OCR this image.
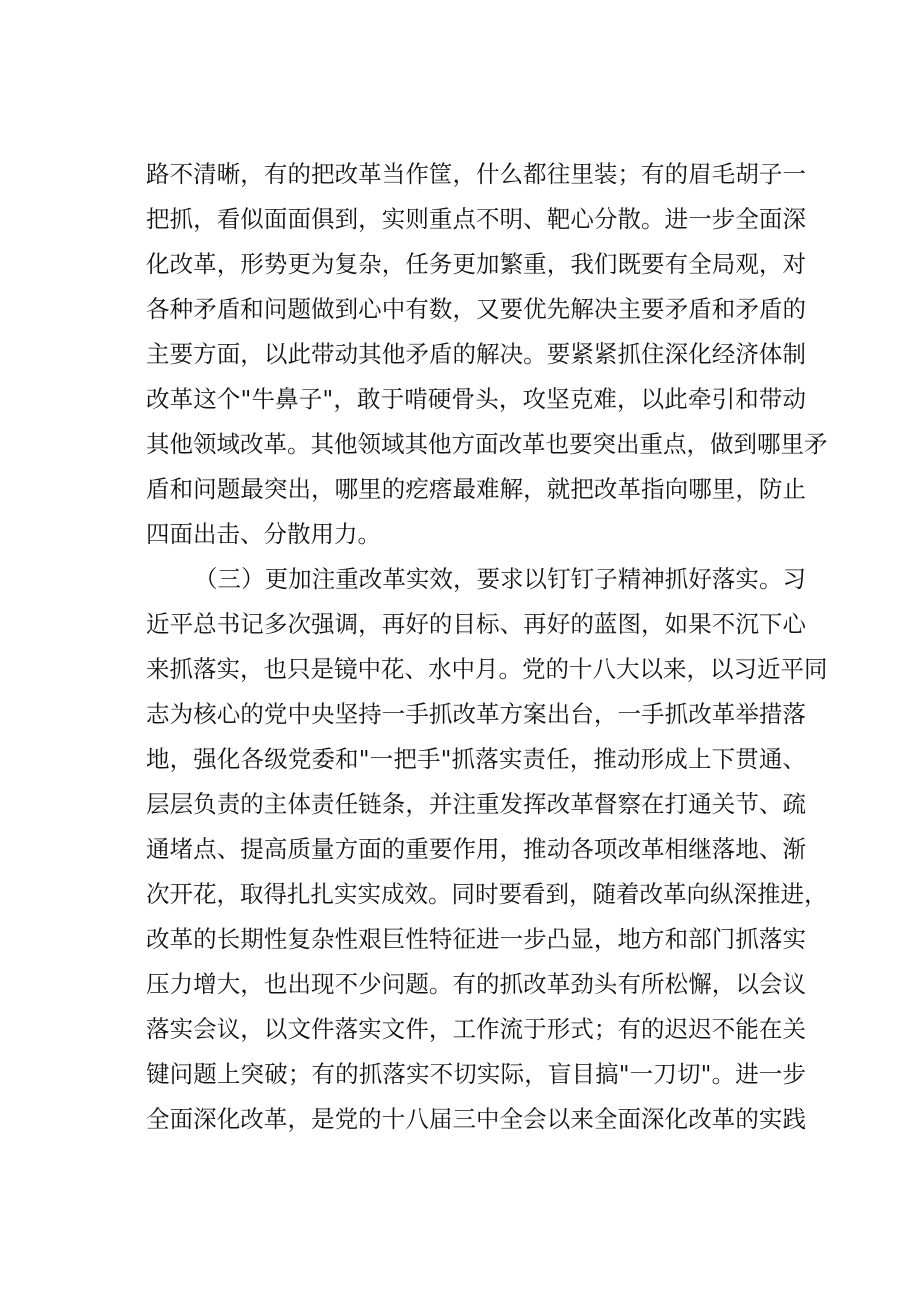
路不清晰，有的把改革当作筐，什么都往里装；有的眉毛胡子一
把抓，看似面面俱到，实则重点不明、靶心分散。进一步全面深
化改革，形势更为复杂，任务更加繁重，我们既要有全局观，对
各种矛盾和问题做到心中有数，又要优先解决主要矛盾和矛盾的
主要方面，以此带动其他矛盾的解决。要紧紧抓住深化经济体制
改革这个"牛鼻子"，敢于啃硬骨头，攻坚克难，以此牵引和带动
其他领域改革。其他领域其他方面改革也要突出重点，做到哪里矛
盾和问题最突出，哪里的疙瘩最难解，就把改革指向哪里，防止
四面出击、分散用力。
（三）更加注重改革实效，要求以钉钉子精神抓好落实。习
近平总书记多次强调，再好的目标、再好的蓝图，如果不沉下心
来抓落实，也只是镜中花、水中月。党的十八大以来，以习近平同
志为核心的党中央坚持一手抓改革方案出台，一手抓改革举措落
地，强化各级党委和"一把手"抓落实责任，推动形成上下贯通、
层层负责的主体责任链条，并注重发挥改革督察在打通关节、疏
通堵点、提高质量方面的重要作用，推动各项改革相继落地、渐
次开花，取得扎扎实实成效。同时要看到，随着改革向纵深推进，
改革的长期性复杂性艰巨性特征进一步凸显，地方和部门抓落实
压力增大，也出现不少问题。有的抓改革劲头有所松懈，以会议
落实会议，以文件落实文件，工作流于形式；有的迟迟不能在关
键问题上突破；有的抓落实不切实际，盲目搞"一刀切"。进一步
全面深化改革，是党的十八届三中全会以来全面深化改革的实践
